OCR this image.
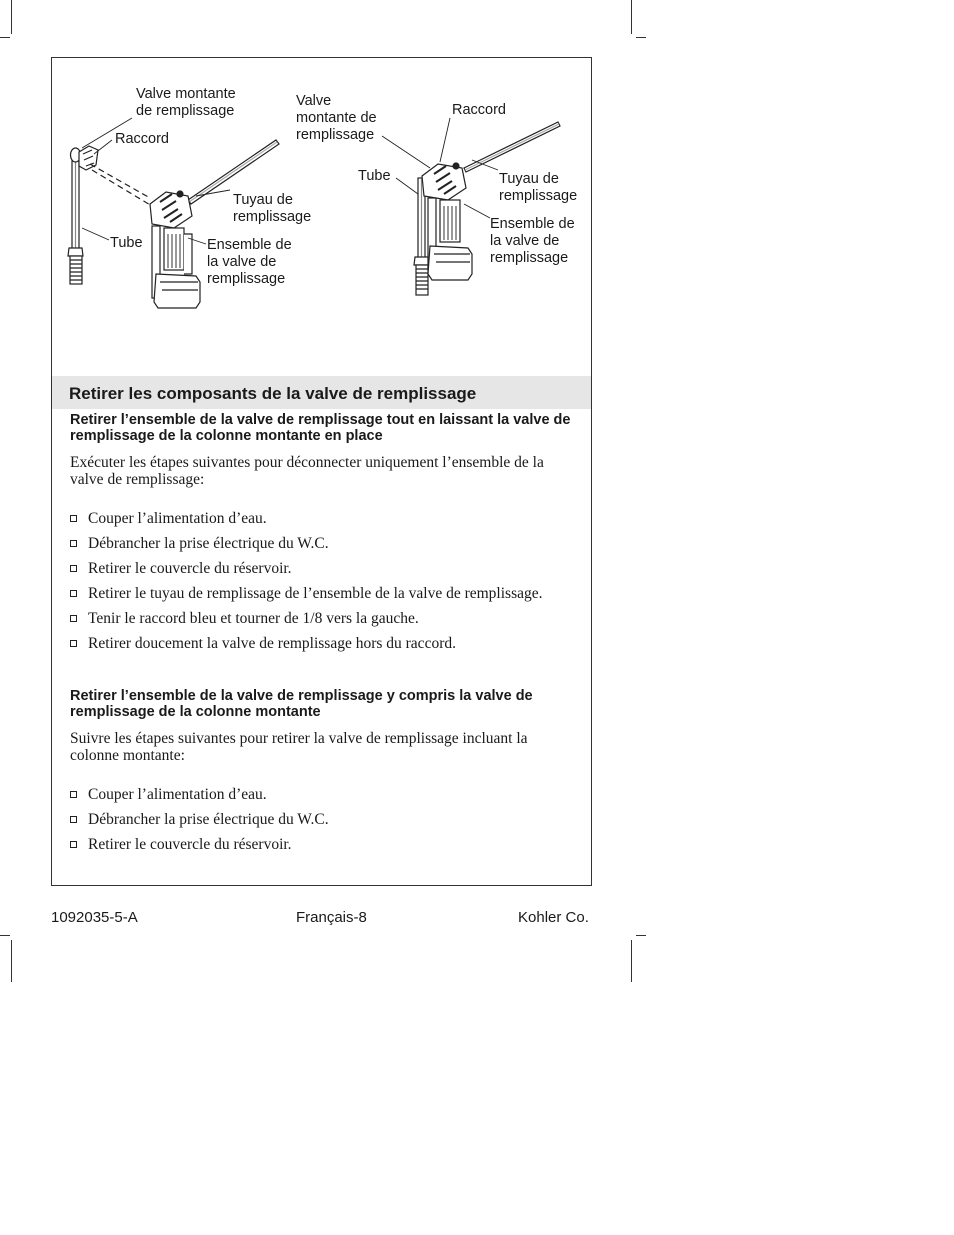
Valve montante
de remplissage
Raccord
Tuyau de
remplissage
Tube	Ensemble de
la valve de
remplissage
Valve
montante de
remplissage
Raccord
Tube	Tuyau de
remplissage
Ensemble de
la valve de
remplissage
Retirer les composants de la valve de remplissage
Retirer l’ensemble de la valve de remplissage tout en laissant la valve de remplissage de la colonne montante en place
Exécuter les étapes suivantes pour déconnecter uniquement l’ensemble de la valve de remplissage:
Couper l’alimentation d’eau.
Débrancher la prise électrique du W.C.
Retirer le couvercle du réservoir.
Retirer le tuyau de remplissage de l’ensemble de la valve de remplissage.
Tenir le raccord bleu et tourner de 1/8 vers la gauche.
Retirer doucement la valve de remplissage hors du raccord.
Retirer l’ensemble de la valve de remplissage y compris la valve de remplissage de la colonne montante
Suivre les étapes suivantes pour retirer la valve de remplissage incluant la colonne montante:
Couper l’alimentation d’eau.
Débrancher la prise électrique du W.C.
Retirer le couvercle du réservoir.
1092035-5-A	Français-8	Kohler Co.
